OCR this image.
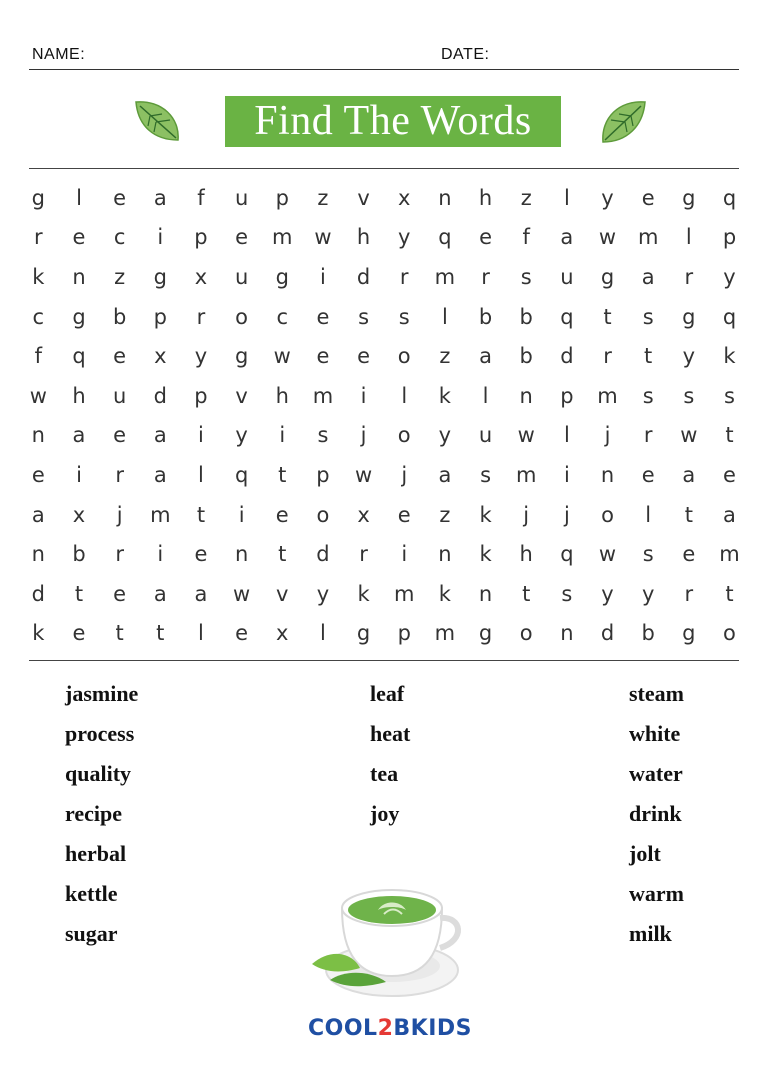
NAME:	DATE:
Find The Words
g	l	e	a	f	u	p	z	v	x	n	h	z	l	y	e	g	q
r	e	c	i	p	e	m	w	h	y	q	e	f	a	w	m	l	p
k	n	z	g	x	u	g	i	d	r	m	r	s	u	g	a	r	y
c	g	b	p	r	o	c	e	s	s	l	b	b	q	t	s	g	q
f	q	e	x	y	g	w	e	e	o	z	a	b	d	r	t	y	k
w	h	u	d	p	v	h	m	i	l	k	l	n	p	m	s	s	s
n	a	e	a	i	y	i	s	j	o	y	u	w	l	j	r	w	t
e	i	r	a	l	q	t	p	w	j	a	s	m	i	n	e	a	e
a	x	j	m	t	i	e	o	x	e	z	k	j	j	o	l	t	a
n	b	r	i	e	n	t	d	r	i	n	k	h	q	w	s	e	m
d	t	e	a	a	w	v	y	k	m	k	n	t	s	y	y	r	t
k	e	t	t	l	e	x	l	g	p	m	g	o	n	d	b	g	o
jasmine
process
quality
recipe
herbal
kettle
sugar
leaf
heat
tea
joy
steam
white
water
drink
jolt
warm
milk
COOL2BKIDS
